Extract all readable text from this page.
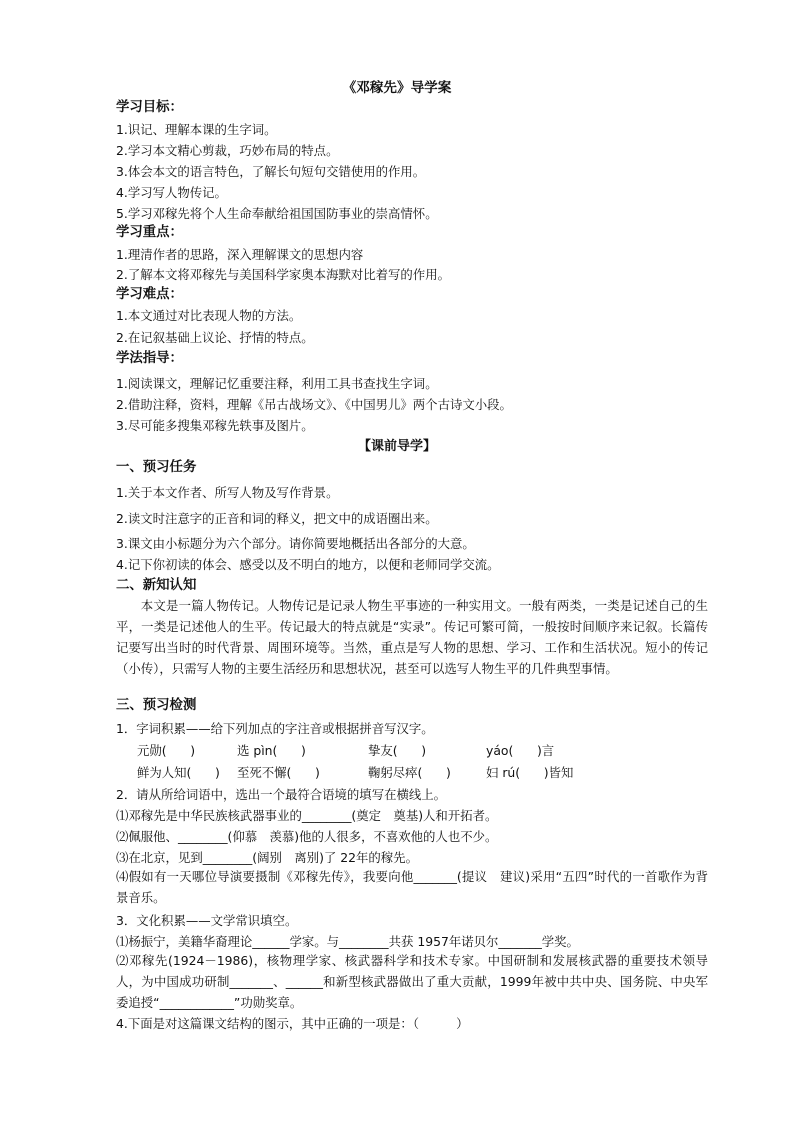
《邓稼先》导学案
学习目标：
1.识记、理解本课的生字词。
2.学习本文精心剪裁，巧妙布局的特点。
3.体会本文的语言特色，了解长句短句交错使用的作用。
4.学习写人物传记。
5.学习邓稼先将个人生命奉献给祖国国防事业的崇高情怀。
学习重点：
1.理清作者的思路，深入理解课文的思想内容
2.了解本文将邓稼先与美国科学家奥本海默对比着写的作用。
学习难点：
1.本文通过对比表现人物的方法。
2.在记叙基础上议论、抒情的特点。
学法指导：
1.阅读课文，理解记忆重要注释，利用工具书查找生字词。
2.借助注释，资料，理解《吊古战场文》、《中国男儿》两个古诗文小段。
3.尽可能多搜集邓稼先轶事及图片。
【课前导学】
一、预习任务
1.关于本文作者、所写人物及写作背景。
2.读文时注意字的正音和词的释义，把文中的成语圈出来。
3.课文由小标题分为六个部分。请你简要地概括出各部分的大意。
4.记下你初读的体会、感受以及不明白的地方，以便和老师同学交流。
二、新知认知

本文是一篇人物传记。人物传记是记录人物生平事迹的一种实用文。一般有两类，一类是记述自己的生平，一类是记述他人的生平。传记最大的特点就是“实录”。传记可繁可简，一般按时间顺序来记叙。长篇传记要写出当时的时代背景、周围环境等。当然，重点是写人物的思想、学习、工作和生活状况。短小的传记（小传），只需写人物的主要生活经历和思想状况，甚至可以选写人物生平的几件典型事情。

三、预习检测
1．字词积累——给下列加点的字注音或根据拼音写汉字。
元勋(      )	选 pìn(      )	挚友(      )	yáo(      )言
鲜为人知(      ) 至死不懈(      )	鞠躬尽瘁(      )	妇 rú(      )皆知
2．请从所给词语中，选出一个最符合语境的填写在横线上。
⑴邓稼先是中华民族核武器事业的________(奠定　奠基)人和开拓者。
⑵佩服他、________(仰慕　羡慕)他的人很多，不喜欢他的人也不少。
⑶在北京，见到________(阔别　离别)了 22年的稼先。

⑷假如有一天哪位导演要摄制《邓稼先传》，我要向他_______(提议　建议)采用“五四”时代的一首歌作为背景音乐。

3．文化积累——文学常识填空。
⑴杨振宁，美籍华裔理论______学家。与________共获 1957年诺贝尔_______学奖。

⑵邓稼先(1924－1986)，核物理学家、核武器科学和技术专家。中国研制和发展核武器的重要技术领导人，为中国成功研制_______、______和新型核武器做出了重大贡献，1999年被中共中央、国务院、中央军委追授“____________”功勋奖章。

4.下面是对这篇课文结构的图示，其中正确的一项是：（　　　）
